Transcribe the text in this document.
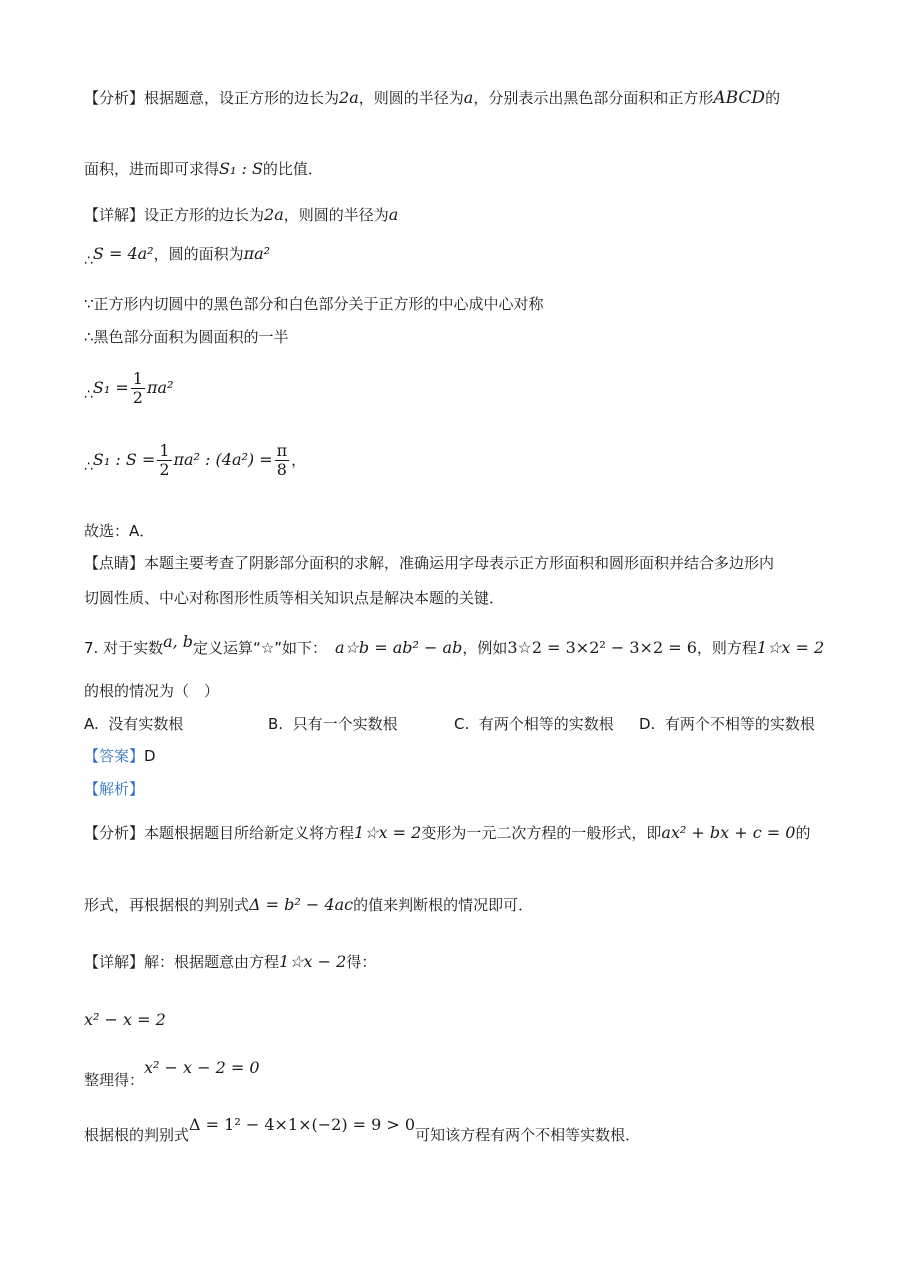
【分析】根据题意，设正方形的边长为2a，则圆的半径为a，分别表示出黑色部分面积和正方形ABCD的
面积，进而即可求得S₁ : S的比值．
【详解】设正方形的边长为2a，则圆的半径为a
∴S = 4a²，圆的面积为πa²
∵正方形内切圆中的黑色部分和白色部分关于正方形的中心成中心对称
∴黑色部分面积为圆面积的一半
∴S₁ = $\frac{1}{2} \pi a^2$
∴S₁ : $S = \frac{1}{2} \pi a^2$ : $(4a^2) = \frac{\pi}{8}$ ，
故选：A．
【点睛】本题主要考查了阴影部分面积的求解，准确运用字母表示正方形面积和圆形面积并结合多边形内
切圆性质、中心对称图形性质等相关知识点是解决本题的关键．
7. 对于实数a, b定义运算“☆”如下： a☆b = ab² − ab，例如3☆2 = 3×2² − 3×2 = 6，则方程1☆x = 2
的根的情况为（　）
A. 没有实数根	B. 只有一个实数根	C. 有两个相等的实数根 D. 有两个不相等的实数根
【答案】D
【解析】
【分析】本题根据题目所给新定义将方程1☆x = 2变形为一元二次方程的一般形式，即ax² + bx + c = 0的
形式，再根据根的判别式Δ = b² − 4ac的值来判断根的情况即可．
【详解】解：根据题意由方程1☆x − 2得：
x² − x = 2
整理得：x² − x − 2 = 0
根据根的判别式Δ = 1² − 4×1×(−2) = 9 > 0可知该方程有两个不相等实数根．
